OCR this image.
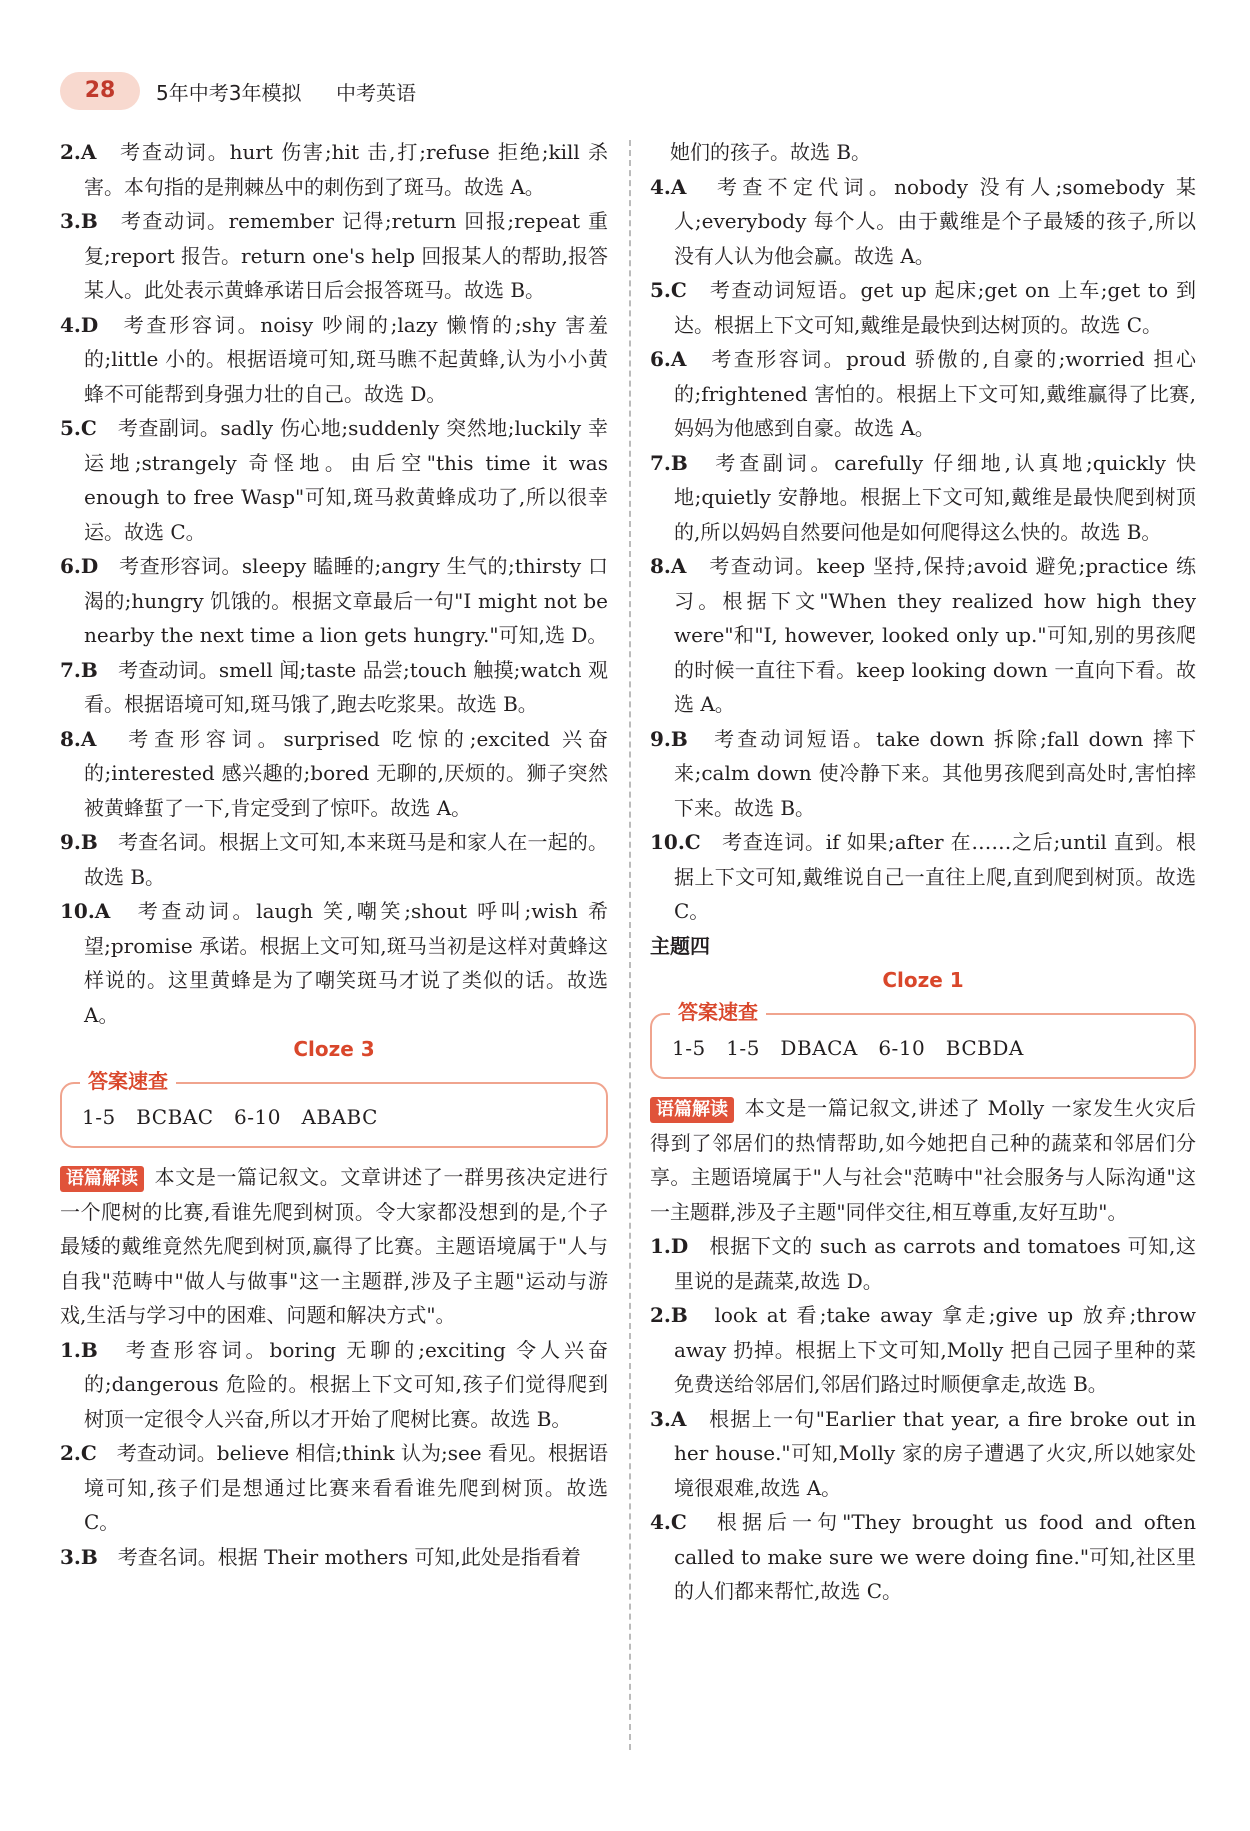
28	5年中考3年模拟 中考英语

2.A　 考查动词。hurt 伤害;hit 击,打;refuse 拒绝;kill 杀害。本句指的是荆棘丛中的刺伤到了斑马。故选 A。

3.B　 考查动词。remember 记得;return 回报;repeat 重复;report 报告。return one's help 回报某人的帮助,报答某人。此处表示黄蜂承诺日后会报答斑马。故选 B。

4.D　 考查形容词。noisy 吵闹的;lazy 懒惰的;shy 害羞的;little 小的。根据语境可知,斑马瞧不起黄蜂,认为小小黄蜂不可能帮到身强力壮的自己。故选 D。

5.C　 考查副词。sadly 伤心地;suddenly 突然地;luckily 幸运地;strangely 奇怪地。由后空"this time it was enough to free Wasp"可知,斑马救黄蜂成功了,所以很幸运。故选 C。

6.D　 考查形容词。sleepy 瞌睡的;angry 生气的;thirsty 口渴的;hungry 饥饿的。根据文章最后一句"I might not be nearby the next time a lion gets hungry."可知,选 D。

7.B　 考查动词。smell 闻;taste 品尝;touch 触摸;watch 观看。根据语境可知,斑马饿了,跑去吃浆果。故选 B。

8.A　 考查形容词。surprised 吃惊的;excited 兴奋的;interested 感兴趣的;bored 无聊的,厌烦的。狮子突然被黄蜂蜇了一下,肯定受到了惊吓。故选 A。

9.B　 考查名词。根据上文可知,本来斑马是和家人在一起的。故选 B。

10.A　 考查动词。laugh 笑,嘲笑;shout 呼叫;wish 希望;promise 承诺。根据上文可知,斑马当初是这样对黄蜂这样说的。这里黄蜂是为了嘲笑斑马才说了类似的话。故选 A。

Cloze 3

答案速查
1-5　BCBAC　6-10　ABABC

语篇解读 本文是一篇记叙文。文章讲述了一群男孩决定进行一个爬树的比赛,看谁先爬到树顶。令大家都没想到的是,个子最矮的戴维竟然先爬到树顶,赢得了比赛。主题语境属于"人与自我"范畴中"做人与做事"这一主题群,涉及子主题"运动与游戏,生活与学习中的困难、问题和解决方式"。

1.B　 考查形容词。boring 无聊的;exciting 令人兴奋的;dangerous 危险的。根据上下文可知,孩子们觉得爬到树顶一定很令人兴奋,所以才开始了爬树比赛。故选 B。

2.C　 考查动词。believe 相信;think 认为;see 看见。根据语境可知,孩子们是想通过比赛来看看谁先爬到树顶。故选 C。

3.B　 考查名词。根据 Their mothers 可知,此处是指看着

她们的孩子。故选 B。

4.A　 考查不定代词。nobody 没有人;somebody 某人;everybody 每个人。由于戴维是个子最矮的孩子,所以没有人认为他会赢。故选 A。

5.C　 考查动词短语。get up 起床;get on 上车;get to 到达。根据上下文可知,戴维是最快到达树顶的。故选 C。

6.A　 考查形容词。proud 骄傲的,自豪的;worried 担心的;frightened 害怕的。根据上下文可知,戴维赢得了比赛,妈妈为他感到自豪。故选 A。

7.B　 考查副词。carefully 仔细地,认真地;quickly 快地;quietly 安静地。根据上下文可知,戴维是最快爬到树顶的,所以妈妈自然要问他是如何爬得这么快的。故选 B。

8.A　 考查动词。keep 坚持,保持;avoid 避免;practice 练习。根据下文"When they realized how high they were"和"I, however, looked only up."可知,别的男孩爬的时候一直往下看。keep looking down 一直向下看。故选 A。

9.B　 考查动词短语。take down 拆除;fall down 摔下来;calm down 使冷静下来。其他男孩爬到高处时,害怕摔下来。故选 B。

10.C　 考查连词。if 如果;after 在……之后;until 直到。根据上下文可知,戴维说自己一直往上爬,直到爬到树顶。故选 C。

主题四

Cloze 1

答案速查
1-5　1-5　DBACA　6-10　BCBDA

语篇解读 本文是一篇记叙文,讲述了 Molly 一家发生火灾后得到了邻居们的热情帮助,如今她把自己种的蔬菜和邻居们分享。主题语境属于"人与社会"范畴中"社会服务与人际沟通"这一主题群,涉及子主题"同伴交往,相互尊重,友好互助"。

1.D　 根据下文的 such as carrots and tomatoes 可知,这里说的是蔬菜,故选 D。

2.B　 look at 看;take away 拿走;give up 放弃;throw away 扔掉。根据上下文可知,Molly 把自己园子里种的菜免费送给邻居们,邻居们路过时顺便拿走,故选 B。

3.A　 根据上一句"Earlier that year, a fire broke out in her house."可知,Molly 家的房子遭遇了火灾,所以她家处境很艰难,故选 A。

4.C　 根据后一句"They brought us food and often called to make sure we were doing fine."可知,社区里的人们都来帮忙,故选 C。
